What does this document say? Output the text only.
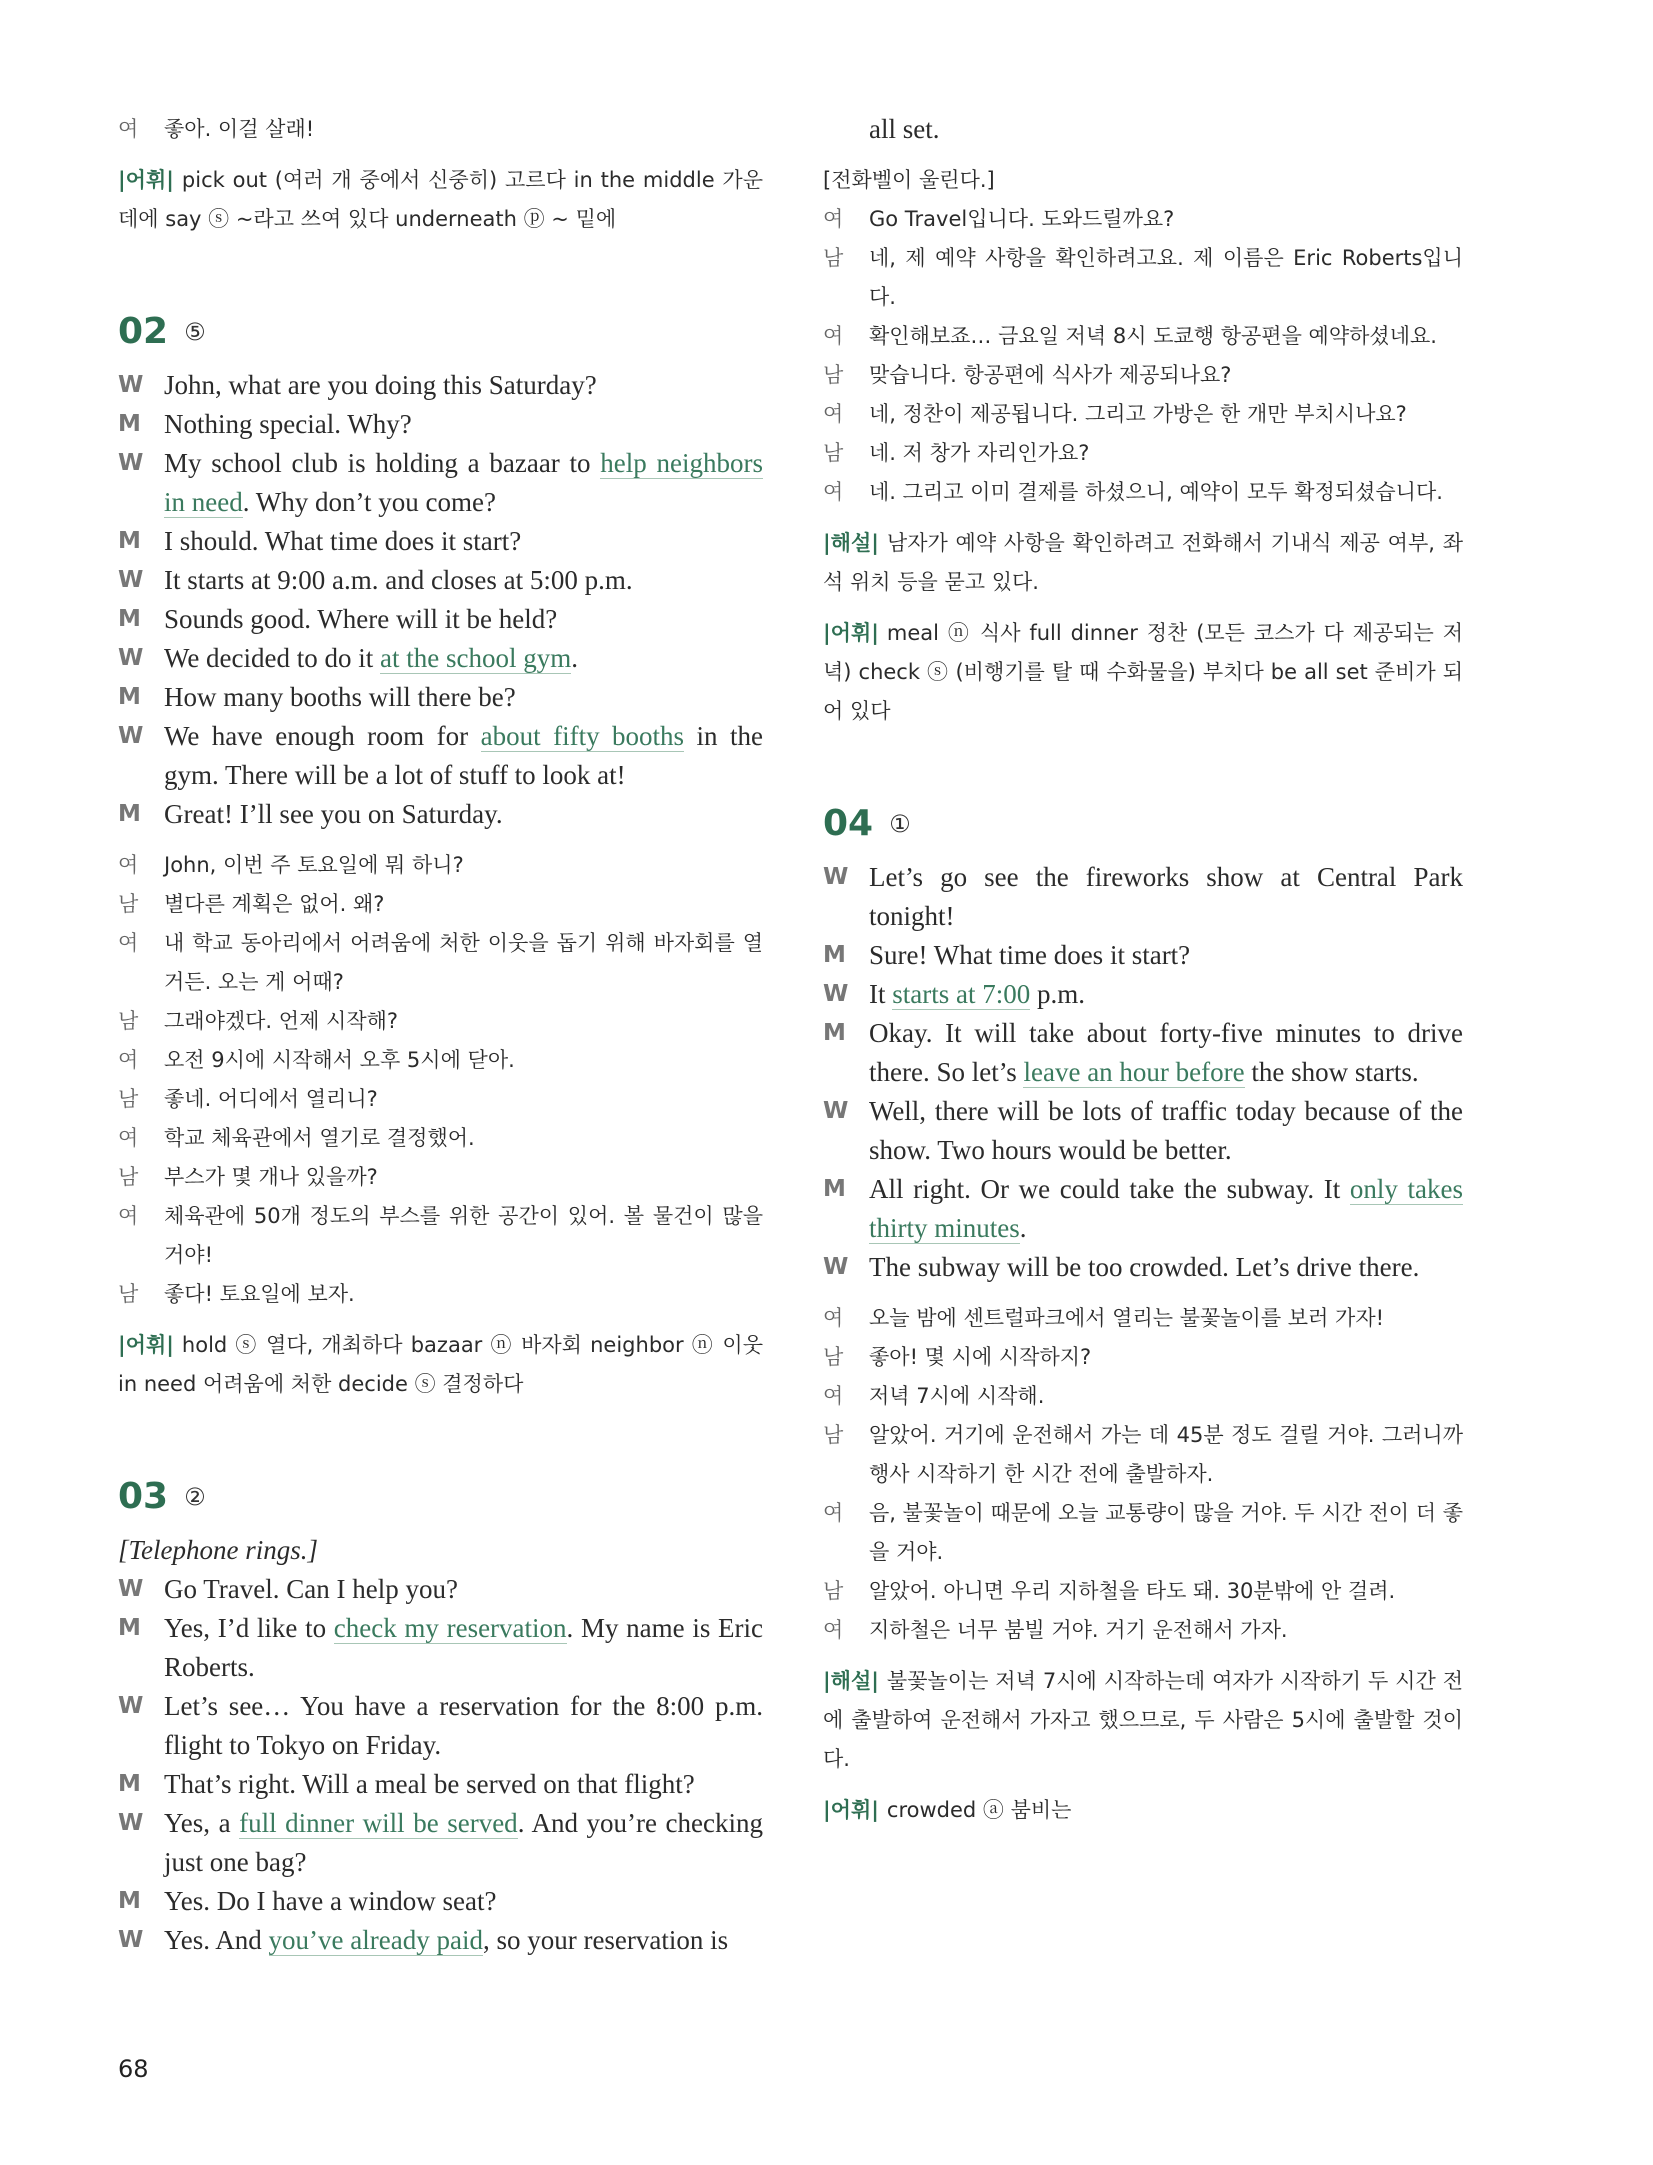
여	좋아. 이걸 살래!

|어휘| pick out (여러 개 중에서 신중히) 고르다 in the middle 가운데에 say ⓢ ~라고 쓰여 있다 underneath ⓟ ~ 밑에

02 ⑤
W John, what are you doing this Saturday?
M Nothing special. Why?
W My school club is holding a bazaar to help neighbors in need. Why don’t you come?
M I should. What time does it start?
W It starts at 9:00 a.m. and closes at 5:00 p.m.
M Sounds good. Where will it be held?
W We decided to do it at the school gym.
M How many booths will there be?
W We have enough room for about fifty booths in the gym. There will be a lot of stuff to look at!
M Great! I’ll see you on Saturday.
여	John, 이번 주 토요일에 뭐 하니?
남	별다른 계획은 없어. 왜?
여	내 학교 동아리에서 어려움에 처한 이웃을 돕기 위해 바자회를 열거든. 오는 게 어때?
남	그래야겠다. 언제 시작해?
여	오전 9시에 시작해서 오후 5시에 닫아.
남	좋네. 어디에서 열리니?
여	학교 체육관에서 열기로 결정했어.
남	부스가 몇 개나 있을까?
여	체육관에 50개 정도의 부스를 위한 공간이 있어. 볼 물건이 많을 거야!
남	좋다! 토요일에 보자.

|어휘| hold ⓢ 열다, 개최하다 bazaar ⓝ 바자회 neighbor ⓝ 이웃 in need 어려움에 처한 decide ⓢ 결정하다

03 ②

[Telephone rings.]

W Go Travel. Can I help you?
M Yes, I’d like to check my reservation. My name is Eric Roberts.
W Let’s see… You have a reservation for the 8:00 p.m. flight to Tokyo on Friday.
M That’s right. Will a meal be served on that flight?
W Yes, a full dinner will be served. And you’re checking just one bag?
M Yes. Do I have a window seat?
W Yes. And you’ve already paid, so your reservation is

all set.

[전화벨이 울린다.]

여	Go Travel입니다. 도와드릴까요?
남	네, 제 예약 사항을 확인하려고요. 제 이름은 Eric Roberts입니다.
여	확인해보죠… 금요일 저녁 8시 도쿄행 항공편을 예약하셨네요.
남	맞습니다. 항공편에 식사가 제공되나요?
여	네, 정찬이 제공됩니다. 그리고 가방은 한 개만 부치시나요?
남	네. 저 창가 자리인가요?
여	네. 그리고 이미 결제를 하셨으니, 예약이 모두 확정되셨습니다.

|해설| 남자가 예약 사항을 확인하려고 전화해서 기내식 제공 여부, 좌석 위치 등을 묻고 있다.

|어휘| meal ⓝ 식사 full dinner 정찬 (모든 코스가 다 제공되는 저녁) check ⓢ (비행기를 탈 때 수화물을) 부치다 be all set 준비가 되어 있다

04 ①
W Let’s go see the fireworks show at Central Park tonight!
M Sure! What time does it start?
W It starts at 7:00 p.m.
M Okay. It will take about forty-five minutes to drive there. So let’s leave an hour before the show starts.
W Well, there will be lots of traffic today because of the show. Two hours would be better.
M All right. Or we could take the subway. It only takes thirty minutes.
W The subway will be too crowded. Let’s drive there.
여	오늘 밤에 센트럴파크에서 열리는 불꽃놀이를 보러 가자!
남	좋아! 몇 시에 시작하지?
여	저녁 7시에 시작해.
남	알았어. 거기에 운전해서 가는 데 45분 정도 걸릴 거야. 그러니까 행사 시작하기 한 시간 전에 출발하자.
여	음, 불꽃놀이 때문에 오늘 교통량이 많을 거야. 두 시간 전이 더 좋을 거야.
남	알았어. 아니면 우리 지하철을 타도 돼. 30분밖에 안 걸려.
여	지하철은 너무 붐빌 거야. 거기 운전해서 가자.

|해설| 불꽃놀이는 저녁 7시에 시작하는데 여자가 시작하기 두 시간 전에 출발하여 운전해서 가자고 했으므로, 두 사람은 5시에 출발할 것이다.

|어휘| crowded ⓐ 붐비는

68
